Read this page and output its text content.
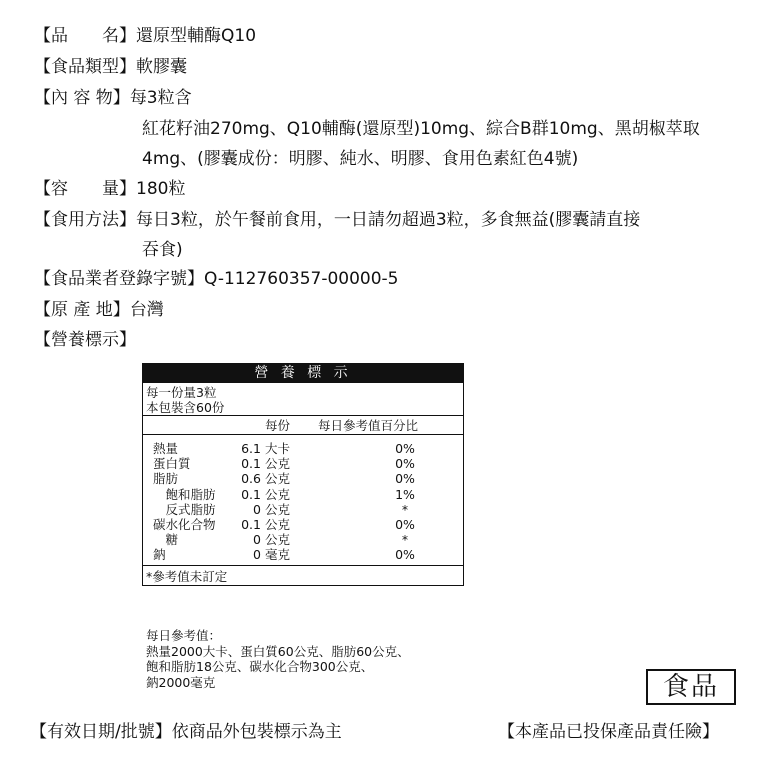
【品　　名】還原型輔酶Q10
【食品類型】軟膠囊
【內 容 物】每3粒含
紅花籽油270mg、Q10輔酶(還原型)10mg、綜合B群10mg、黑胡椒萃取
4mg、(膠囊成份：明膠、純水、明膠、食用色素紅色4號)
【容　　量】180粒
【食用方法】每日3粒，於午餐前食用，一日請勿超過3粒，多食無益(膠囊請直接
吞食)
【食品業者登錄字號】Q-112760357-00000-5
【原 產 地】台灣
【營養標示】
營 養 標 示
每一份量3粒
本包裝含60份
每份 每日參考值百分比
熱量	6.1 大卡	0%
蛋白質	0.1 公克	0%
脂肪	0.6 公克	0%
　飽和脂肪	0.1 公克	1%
　反式脂肪	0 公克	*
碳水化合物	0.1 公克	0%
　糖	0 公克	*
鈉	0 毫克	0%
*參考值未訂定
每日參考值：
熱量2000大卡、蛋白質60公克、脂肪60公克、
飽和脂肪18公克、碳水化合物300公克、
鈉2000毫克	食品
【有效日期/批號】依商品外包裝標示為主	【本產品已投保產品責任險】
